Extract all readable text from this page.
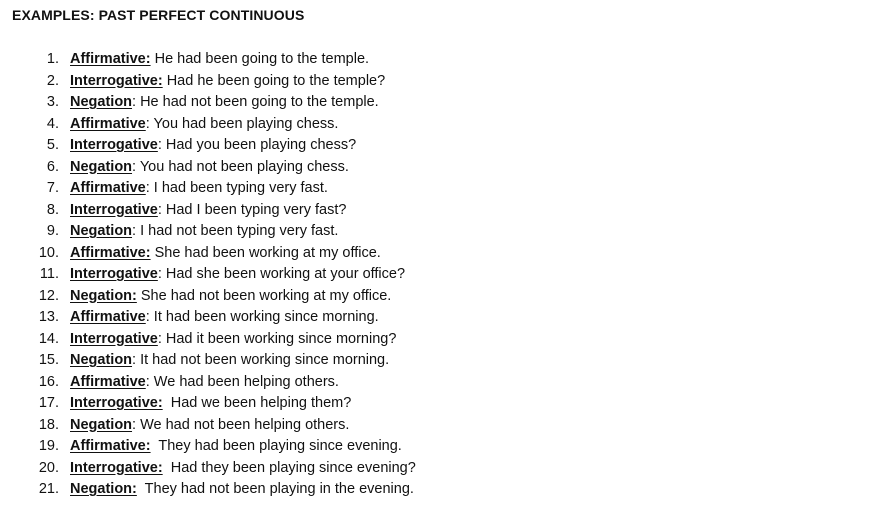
EXAMPLES: PAST PERFECT CONTINUOUS
1. Affirmative: He had been going to the temple.
2. Interrogative: Had he been going to the temple?
3. Negation: He had not been going to the temple.
4. Affirmative: You had been playing chess.
5. Interrogative: Had you been playing chess?
6. Negation: You had not been playing chess.
7. Affirmative: I had been typing very fast.
8. Interrogative: Had I been typing very fast?
9. Negation: I had not been typing very fast.
10. Affirmative: She had been working at my office.
11. Interrogative: Had she been working at your office?
12. Negation: She had not been working at my office.
13. Affirmative: It had been working since morning.
14. Interrogative: Had it been working since morning?
15. Negation: It had not been working since morning.
16. Affirmative: We had been helping others.
17. Interrogative:  Had we been helping them?
18. Negation: We had not been helping others.
19. Affirmative:  They had been playing since evening.
20. Interrogative:  Had they been playing since evening?
21. Negation:  They had not been playing in the evening.
